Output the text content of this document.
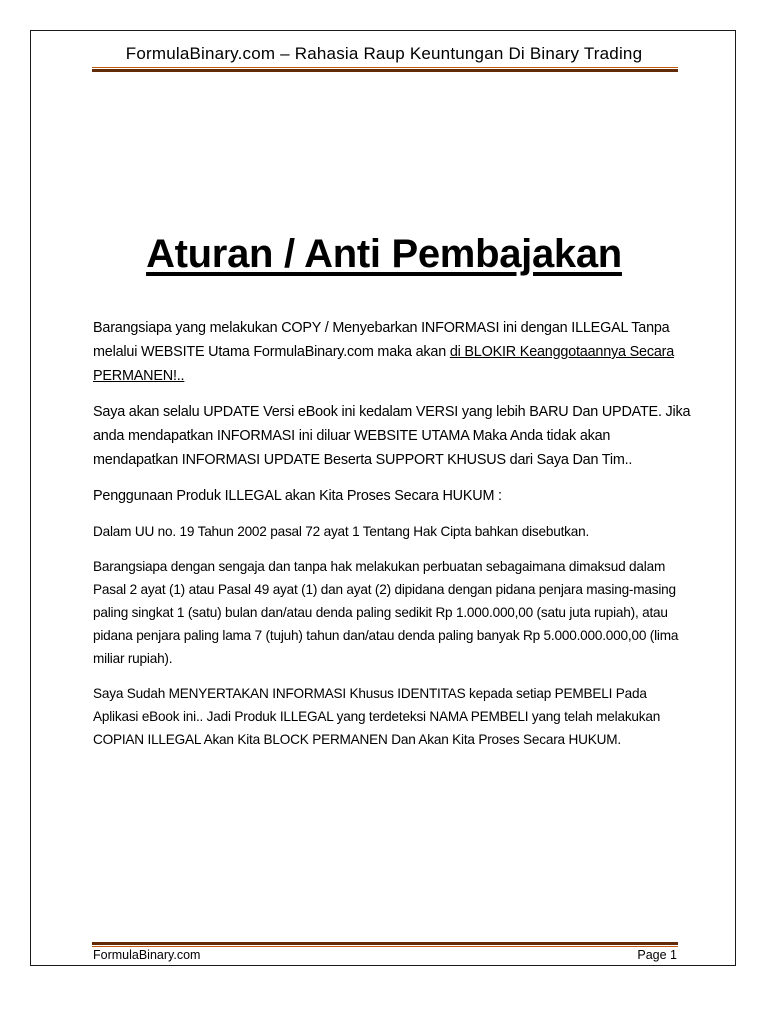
FormulaBinary.com – Rahasia Raup Keuntungan Di Binary Trading
Aturan / Anti Pembajakan

Barangsiapa yang melakukan COPY / Menyebarkan INFORMASI ini dengan ILLEGAL Tanpa melalui WEBSITE Utama FormulaBinary.com maka akan di BLOKIR Keanggotaannya Secara PERMANEN!..

Saya akan selalu UPDATE Versi eBook ini kedalam VERSI yang lebih BARU Dan UPDATE. Jika anda mendapatkan INFORMASI ini diluar WEBSITE UTAMA Maka Anda tidak akan mendapatkan INFORMASI UPDATE Beserta SUPPORT KHUSUS dari Saya Dan Tim..

Penggunaan Produk ILLEGAL akan Kita Proses Secara HUKUM :

Dalam UU no. 19 Tahun 2002 pasal 72 ayat 1 Tentang Hak Cipta bahkan disebutkan.

Barangsiapa dengan sengaja dan tanpa hak melakukan perbuatan sebagaimana dimaksud dalam Pasal 2 ayat (1) atau Pasal 49 ayat (1) dan ayat (2) dipidana dengan pidana penjara masing-masing paling singkat 1 (satu) bulan dan/atau denda paling sedikit Rp 1.000.000,00 (satu juta rupiah), atau pidana penjara paling lama 7 (tujuh) tahun dan/atau denda paling banyak Rp 5.000.000.000,00 (lima miliar rupiah).

Saya Sudah MENYERTAKAN INFORMASI Khusus IDENTITAS kepada setiap PEMBELI Pada Aplikasi eBook ini.. Jadi Produk ILLEGAL yang terdeteksi NAMA PEMBELI yang telah melakukan COPIAN ILLEGAL Akan Kita BLOCK PERMANEN Dan Akan Kita Proses Secara HUKUM.

FormulaBinary.com	Page 1
